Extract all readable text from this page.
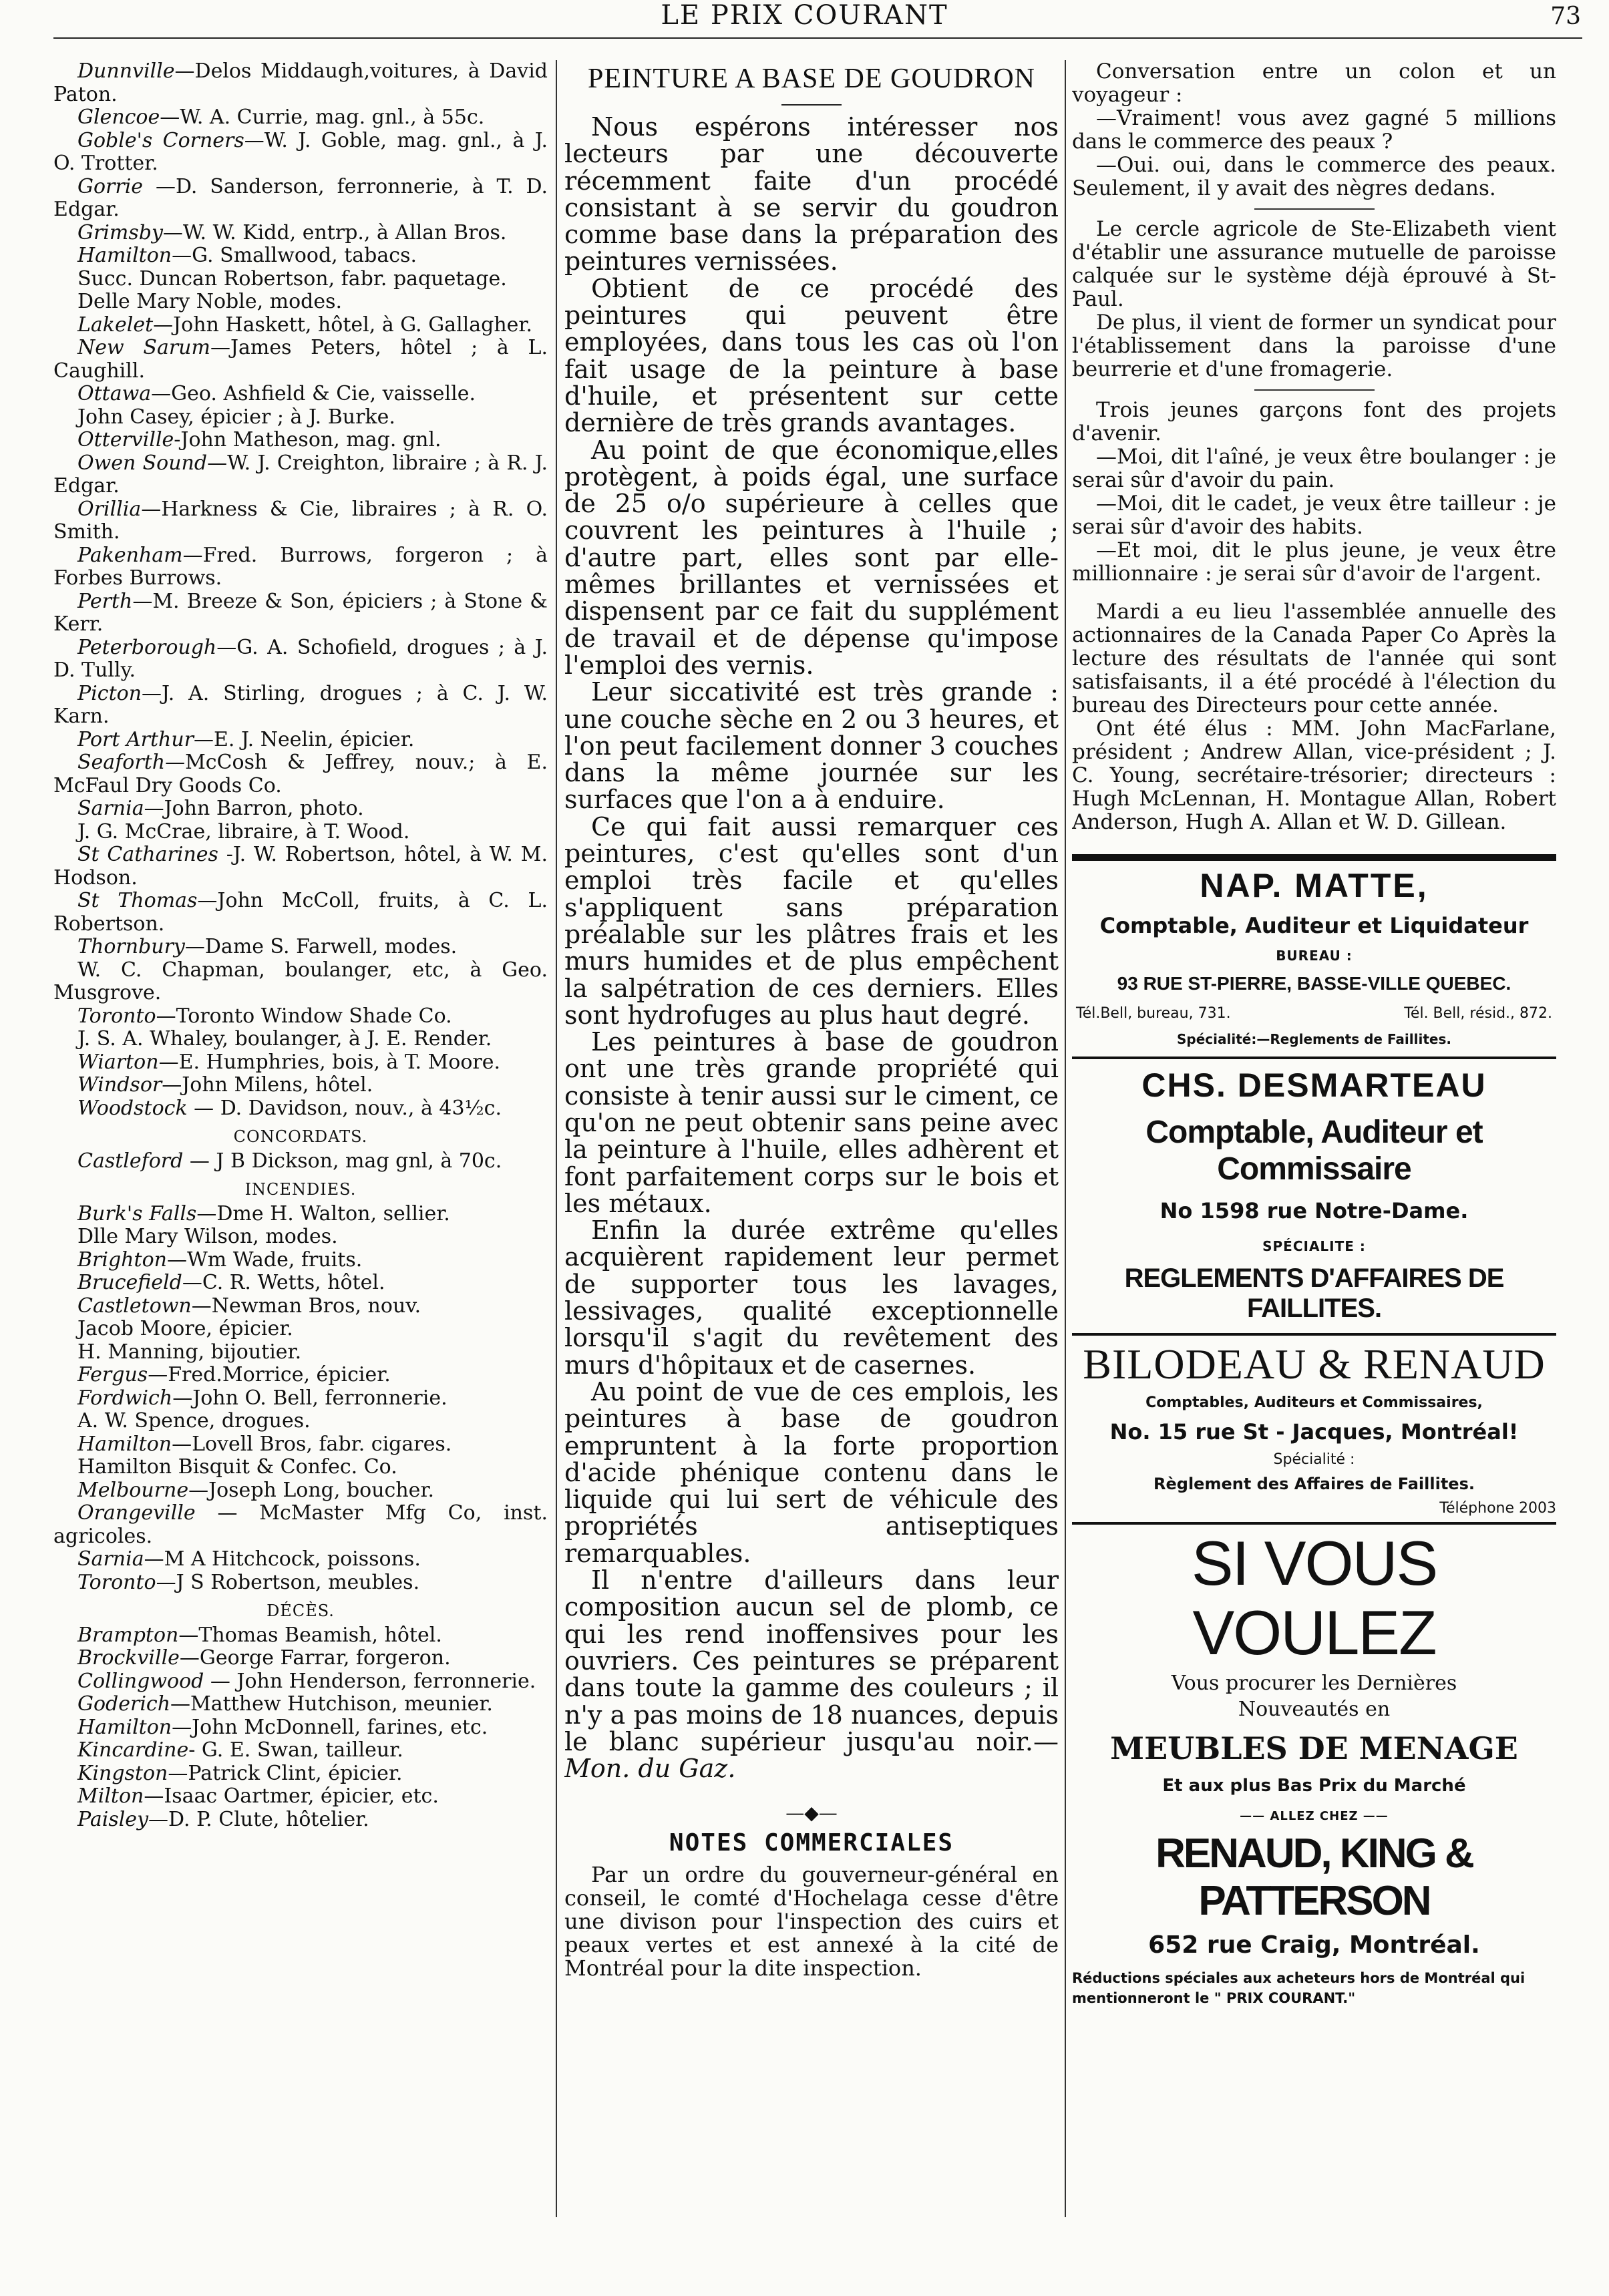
LE PRIX COURANT	73

Dunnville—Delos Middaugh,voitures, à David Paton.

Glencoe—W. A. Currie, mag. gnl., à 55c.

Goble's Corners—W. J. Goble, mag. gnl., à J. O. Trotter.

Gorrie —D. Sanderson, ferronnerie, à T. D. Edgar.

Grimsby—W. W. Kidd, entrp., à Allan Bros.

Hamilton—G. Smallwood, tabacs.

Succ. Duncan Robertson, fabr. paquetage.

Delle Mary Noble, modes.

Lakelet—John Haskett, hôtel, à G. Gallagher.

New Sarum—James Peters, hôtel ; à L. Caughill.

Ottawa—Geo. Ashfield & Cie, vaisselle.

John Casey, épicier ; à J. Burke.

Otterville-John Matheson, mag. gnl.

Owen Sound—W. J. Creighton, libraire ; à R. J. Edgar.

Orillia—Harkness & Cie, libraires ; à R. O. Smith.

Pakenham—Fred. Burrows, forgeron ; à Forbes Burrows.

Perth—M. Breeze & Son, épiciers ; à Stone & Kerr.

Peterborough—G. A. Schofield, drogues ; à J. D. Tully.

Picton—J. A. Stirling, drogues ; à C. J. W. Karn.

Port Arthur—E. J. Neelin, épicier.

Seaforth—McCosh & Jeffrey, nouv.; à E. McFaul Dry Goods Co.

Sarnia—John Barron, photo.

J. G. McCrae, libraire, à T. Wood.

St Catharines -J. W. Robertson, hôtel, à W. M. Hodson.

St Thomas—John McColl, fruits, à C. L. Robertson.

Thornbury—Dame S. Farwell, modes.

W. C. Chapman, boulanger, etc, à Geo. Musgrove.

Toronto—Toronto Window Shade Co.

J. S. A. Whaley, boulanger, à J. E. Render.

Wiarton—E. Humphries, bois, à T. Moore.

Windsor—John Milens, hôtel.

Woodstock — D. Davidson, nouv., à 43½c.

CONCORDATS.

Castleford — J B Dickson, mag gnl, à 70c.

INCENDIES.

Burk's Falls—Dme H. Walton, sellier.

Dlle Mary Wilson, modes.

Brighton—Wm Wade, fruits.

Brucefield—C. R. Wetts, hôtel.

Castletown—Newman Bros, nouv.

Jacob Moore, épicier.

H. Manning, bijoutier.

Fergus—Fred.Morrice, épicier.

Fordwich—John O. Bell, ferronnerie.

A. W. Spence, drogues.

Hamilton—Lovell Bros, fabr. cigares.

Hamilton Bisquit & Confec. Co.

Melbourne—Joseph Long, boucher.

Orangeville — McMaster Mfg Co, inst. agricoles.

Sarnia—M A Hitchcock, poissons.

Toronto—J S Robertson, meubles.

DÉCÈS.

Brampton—Thomas Beamish, hôtel.

Brockville—George Farrar, forgeron.

Collingwood — John Henderson, ferronnerie.

Goderich—Matthew Hutchison, meunier.

Hamilton—John McDonnell, farines, etc.

Kincardine- G. E. Swan, tailleur.

Kingston—Patrick Clint, épicier.

Milton—Isaac Oartmer, épicier, etc.

Paisley—D. P. Clute, hôtelier.

PEINTURE A BASE DE GOUDRON

Nous espérons intéresser nos lecteurs par une découverte récemment faite d'un procédé consistant à se servir du goudron comme base dans la préparation des peintures vernissées.

Obtient de ce procédé des peintures qui peuvent être employées, dans tous les cas où l'on fait usage de la peinture à base d'huile, et présentent sur cette dernière de très grands avantages.

Au point de que économique,elles protègent, à poids égal, une surface de 25 o/o supérieure à celles que couvrent les peintures à l'huile ; d'autre part, elles sont par elle-mêmes brillantes et vernissées et dispensent par ce fait du supplément de travail et de dépense qu'impose l'emploi des vernis.

Leur siccativité est très grande : une couche sèche en 2 ou 3 heures, et l'on peut facilement donner 3 couches dans la même journée sur les surfaces que l'on a à enduire.

Ce qui fait aussi remarquer ces peintures, c'est qu'elles sont d'un emploi très facile et qu'elles s'appliquent sans préparation préalable sur les plâtres frais et les murs humides et de plus empêchent la salpétration de ces derniers. Elles sont hydrofuges au plus haut degré.

Les peintures à base de goudron ont une très grande propriété qui consiste à tenir aussi sur le ciment, ce qu'on ne peut obtenir sans peine avec la peinture à l'huile, elles adhèrent et font parfaitement corps sur le bois et les métaux.

Enfin la durée extrême qu'elles acquièrent rapidement leur permet de supporter tous les lavages, lessivages, qualité exceptionnelle lorsqu'il s'agit du revêtement des murs d'hôpitaux et de casernes.

Au point de vue de ces emplois, les peintures à base de goudron empruntent à la forte proportion d'acide phénique contenu dans le liquide qui lui sert de véhicule des propriétés antiseptiques remarquables.

Il n'entre d'ailleurs dans leur composition aucun sel de plomb, ce qui les rend inoffensives pour les ouvriers. Ces peintures se préparent dans toute la gamme des couleurs ; il n'y a pas moins de 18 nuances, depuis le blanc supérieur jusqu'au noir.—Mon. du Gaz.

—◆—
NOTES COMMERCIALES

Par un ordre du gouverneur-général en conseil, le comté d'Hochelaga cesse d'être une divison pour l'inspection des cuirs et peaux vertes et est annexé à la cité de Montréal pour la dite inspection.

Conversation entre un colon et un voyageur :

—Vraiment! vous avez gagné 5 millions dans le commerce des peaux ?

—Oui. oui, dans le commerce des peaux. Seulement, il y avait des nègres dedans.

Le cercle agricole de Ste-Elizabeth vient d'établir une assurance mutuelle de paroisse calquée sur le système déjà éprouvé à St-Paul.

De plus, il vient de former un syndicat pour l'établissement dans la paroisse d'une beurrerie et d'une fromagerie.

Trois jeunes garçons font des projets d'avenir.

—Moi, dit l'aîné, je veux être boulanger : je serai sûr d'avoir du pain.

—Moi, dit le cadet, je veux être tailleur : je serai sûr d'avoir des habits.

—Et moi, dit le plus jeune, je veux être millionnaire : je serai sûr d'avoir de l'argent.

Mardi a eu lieu l'assemblée annuelle des actionnaires de la Canada Paper Co Après la lecture des résultats de l'année qui sont satisfaisants, il a été procédé à l'élection du bureau des Directeurs pour cette année.

Ont été élus : MM. John MacFarlane, président ; Andrew Allan, vice-président ; J. C. Young, secrétaire-trésorier; directeurs : Hugh McLennan, H. Montague Allan, Robert Anderson, Hugh A. Allan et W. D. Gillean.

NAP. MATTE,
Comptable, Auditeur et Liquidateur
BUREAU :
93 RUE ST-PIERRE, BASSE-VILLE QUEBEC.
Tél.Bell, bureau, 731.	Tél. Bell, résid., 872.
Spécialité:—Reglements de Faillites.
CHS. DESMARTEAU
Comptable, Auditeur et Commissaire
No 1598 rue Notre-Dame.
SPÉCIALITE :
REGLEMENTS D'AFFAIRES DE FAILLITES.
BILODEAU & RENAUD
Comptables, Auditeurs et Commissaires,
No. 15 rue St - Jacques, Montréal!
Spécialité :
Règlement des Affaires de Faillites.
Téléphone 2003
SI VOUS VOULEZ
Vous procurer les Dernières
Nouveautés en
MEUBLES DE MENAGE
Et aux plus Bas Prix du Marché
—— ALLEZ CHEZ ——
RENAUD, KING & PATTERSON
652 rue Craig, Montréal.
Réductions spéciales aux acheteurs hors de Montréal qui mentionneront le " PRIX COURANT."
